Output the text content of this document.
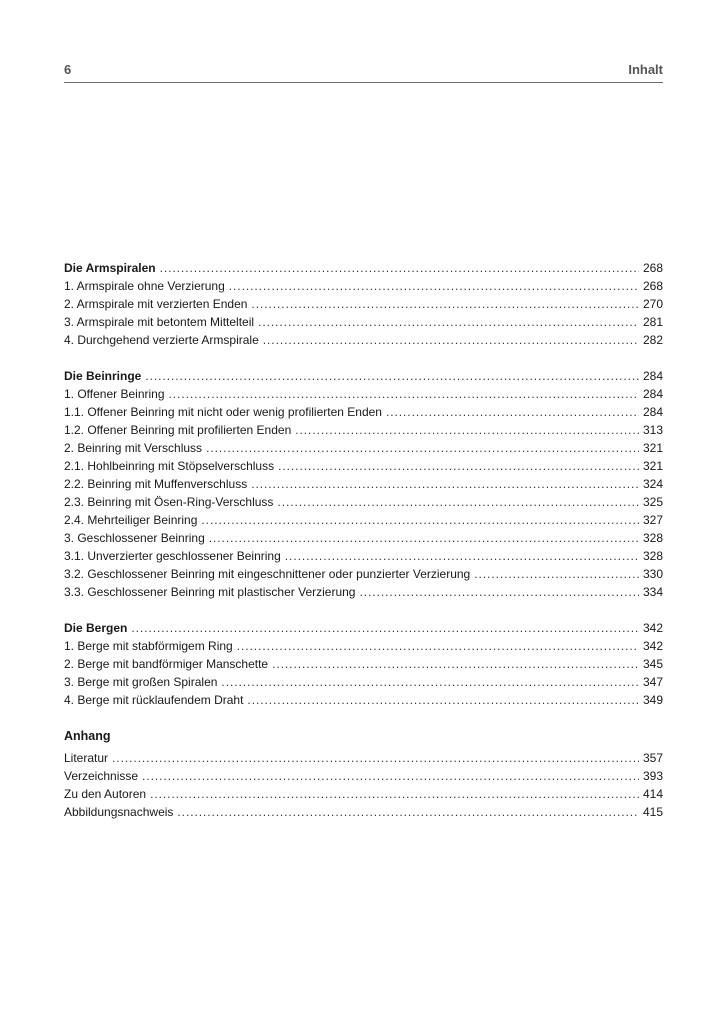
6	Inhalt
Die Armspiralen . . .	268
1. Armspirale ohne Verzierung . . .	268
2. Armspirale mit verzierten Enden . . .	270
3. Armspirale mit betontem Mittelteil . . .	281
4. Durchgehend verzierte Armspirale . . .	282
Die Beinringe . . .	284
1. Offener Beinring . . .	284
1.1. Offener Beinring mit nicht oder wenig profilierten Enden . . .	284
1.2. Offener Beinring mit profilierten Enden . . .	313
2. Beinring mit Verschluss . . .	321
2.1. Hohlbeinring mit Stöpselverschluss . . .	321
2.2. Beinring mit Muffenverschluss . . .	324
2.3. Beinring mit Ösen-Ring-Verschluss . . .	325
2.4. Mehrteiliger Beinring . . .	327
3. Geschlossener Beinring . . .	328
3.1. Unverzierter geschlossener Beinring . . .	328
3.2. Geschlossener Beinring mit eingeschnittener oder punzierter Verzierung . . .	330
3.3. Geschlossener Beinring mit plastischer Verzierung . . .	334
Die Bergen . . .	342
1. Berge mit stabförmigem Ring . . .	342
2. Berge mit bandförmiger Manschette . . .	345
3. Berge mit großen Spiralen . . .	347
4. Berge mit rücklaufendem Draht . . .	349
Anhang
Literatur . . .	357
Verzeichnisse . . .	393
Zu den Autoren . . .	414
Abbildungsnachweis . . .	415
